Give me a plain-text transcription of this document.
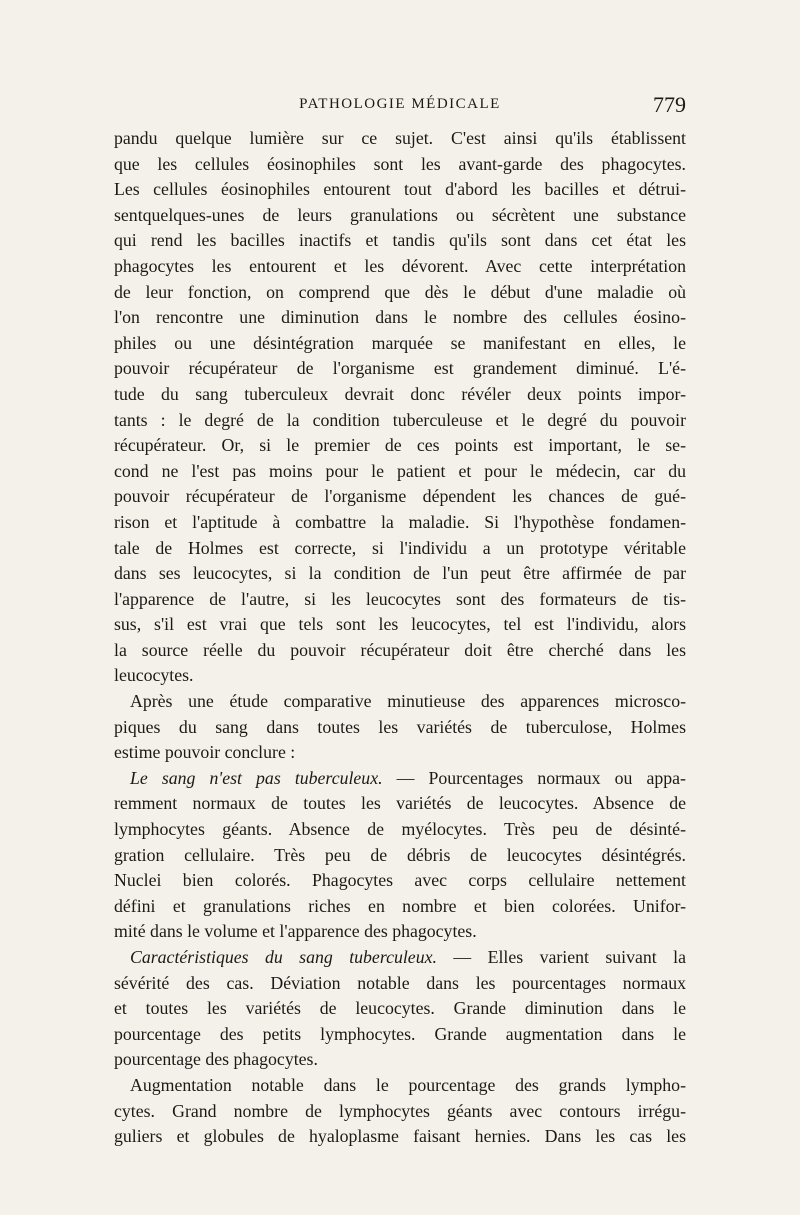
PATHOLOGIE MÉDICALE	779
pandu quelque lumière sur ce sujet. C'est ainsi qu'ils établissent
que les cellules éosinophiles sont les avant-garde des phagocytes.
Les cellules éosinophiles entourent tout d'abord les bacilles et détrui-
sentquelques-unes de leurs granulations ou sécrètent une substance
qui rend les bacilles inactifs et tandis qu'ils sont dans cet état les
phagocytes les entourent et les dévorent. Avec cette interprétation
de leur fonction, on comprend que dès le début d'une maladie où
l'on rencontre une diminution dans le nombre des cellules éosino-
philes ou une désintégration marquée se manifestant en elles, le
pouvoir récupérateur de l'organisme est grandement diminué. L'é-
tude du sang tuberculeux devrait donc révéler deux points impor-
tants : le degré de la condition tuberculeuse et le degré du pouvoir
récupérateur. Or, si le premier de ces points est important, le se-
cond ne l'est pas moins pour le patient et pour le médecin, car du
pouvoir récupérateur de l'organisme dépendent les chances de gué-
rison et l'aptitude à combattre la maladie. Si l'hypothèse fondamen-
tale de Holmes est correcte, si l'individu a un prototype véritable
dans ses leucocytes, si la condition de l'un peut être affirmée de par
l'apparence de l'autre, si les leucocytes sont des formateurs de tis-
sus, s'il est vrai que tels sont les leucocytes, tel est l'individu, alors
la source réelle du pouvoir récupérateur doit être cherché dans les
leucocytes.
Après une étude comparative minutieuse des apparences microsco-
piques du sang dans toutes les variétés de tuberculose, Holmes
estime pouvoir conclure :
Le sang n'est pas tuberculeux. — Pourcentages normaux ou appa-
remment normaux de toutes les variétés de leucocytes. Absence de
lymphocytes géants. Absence de myélocytes. Très peu de désinté-
gration cellulaire. Très peu de débris de leucocytes désintégrés.
Nuclei bien colorés. Phagocytes avec corps cellulaire nettement
défini et granulations riches en nombre et bien colorées. Unifor-
mité dans le volume et l'apparence des phagocytes.
Caractéristiques du sang tuberculeux. — Elles varient suivant la
sévérité des cas. Déviation notable dans les pourcentages normaux
et toutes les variétés de leucocytes. Grande diminution dans le
pourcentage des petits lymphocytes. Grande augmentation dans le
pourcentage des phagocytes.
Augmentation notable dans le pourcentage des grands lympho-
cytes. Grand nombre de lymphocytes géants avec contours irrégu-
guliers et globules de hyaloplasme faisant hernies. Dans les cas les
